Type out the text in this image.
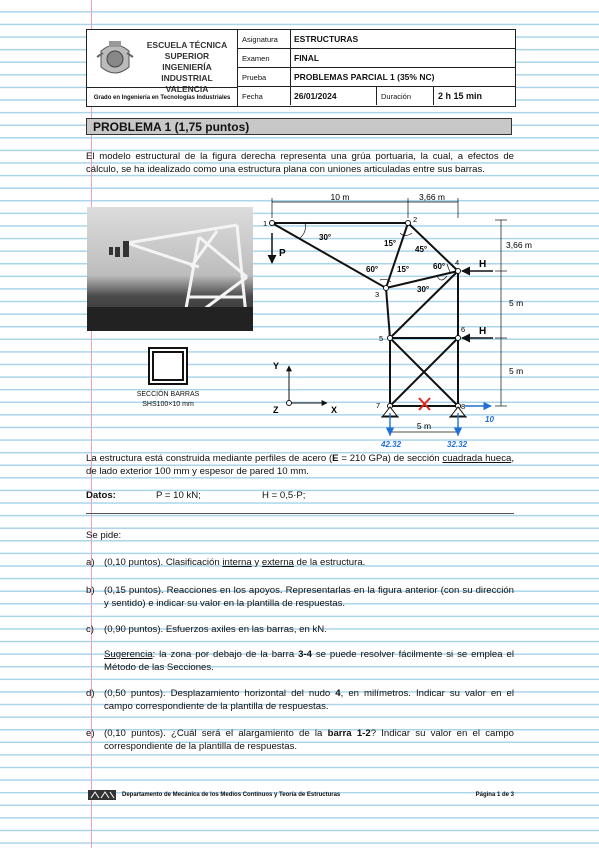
ESCUELA TÉCNICA
SUPERIOR INGENIERÍA
INDUSTRIAL VALENCIA
Grado en Ingeniería en Tecnologías Industriales
Asignatura	ESTRUCTURAS
Examen	FINAL
Prueba	PROBLEMAS PARCIAL 1 (35% NC)
Fecha	26/01/2024	Duración	2 h 15 min
PROBLEMA 1 (1,75 puntos)
El modelo estructural de la figura derecha representa una grúa portuaria, la cual, a efectos de cálculo, se ha idealizado como una estructura plana con uniones articuladas entre sus barras.
SECCIÓN BARRAS
SHS100×10 mm
10 m	3,66 m
3,66 m
5 m
5 m
1	2
3
4
5
6
7	8
30°
15°
45°
60° 15°	60°
30°
P
H
H
5 m
42.32	32.32
10
Y
Z	X
La estructura está construida mediante perfiles de acero (E = 210 GPa) de sección cuadrada hueca, de lado exterior 100 mm y espesor de pared 10 mm.
Datos:	P = 10 kN;	H = 0,5·P;
Se pide:
a) (0,10 puntos). Clasificación interna y externa de la estructura.
b) (0,15 puntos). Reacciones en los apoyos. Representarlas en la figura anterior (con su dirección y sentido) e indicar su valor en la plantilla de respuestas.
c) (0,90 puntos). Esfuerzos axiles en las barras, en kN.
Sugerencia: la zona por debajo de la barra 3-4 se puede resolver fácilmente si se emplea el Método de las Secciones.
d) (0,50 puntos). Desplazamiento horizontal del nudo 4, en milímetros. Indicar su valor en el campo correspondiente de la plantilla de respuestas.
e) (0,10 puntos). ¿Cuál será el alargamiento de la barra 1-2? Indicar su valor en el campo correspondiente de la plantilla de respuestas.
Departamento de Mecánica de los Medios Continuos y Teoría de Estructuras	Página 1 de 3
